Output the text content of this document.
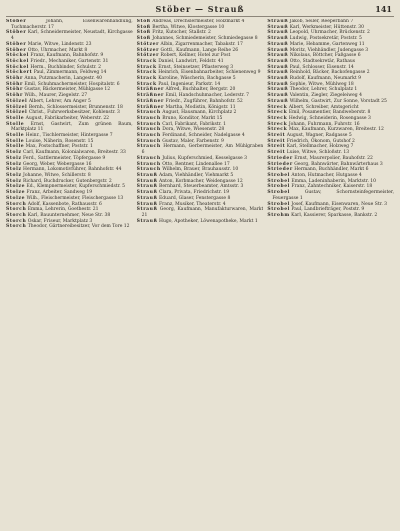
Stöber — Strauß	141

Stöber	Johann, Eisenwarenhandlung, Tuchmacherstr. 17

Stöber Karl, Schneidermeister, Neustadt, Kirchgasse 4

Stöber Marie, Witwe, Lindenstr. 23

Stöber Otto, Uhrmacher, Markt 8

Stöckel Franz, Kaufmann, Bahnhofstr. 9

Stöckel Friedr., Mechaniker, Gartenstr. 31

Stöckel Herm., Buchbinder, Schulstr. 2

Stöckert Paul, Zimmermann, Feldweg 14

Stöhr Anna, Putzmacherin, Langestr. 40

Stöhr Emil, Schuhmachermeister, Hospitalstr. 6

Stöhr Gustav, Bäckermeister, Mühlgasse 12

Stöhr Wilh., Maurer, Ziegelstr. 27

Stölzel Albert, Lehrer, Am Anger 5

Stölzel Bernh., Schlossermeister, Brunnenstr. 18

Stölzel Christ., Fuhrwerksbesitzer, Kohlenstr. 3

Stolle August, Fabrikarbeiter, Weberstr. 22

Stolle Ernst, Gastwirt, Zum grünen Baum, Marktplatz 11

Stolle Heinr., Tischlermeister, Hintergasse 7

Stolle Louise, Näherin, Rosenstr. 15

Stolle Max, Postschaffner, Poststr. 1

Stolz Carl, Kaufmann, Kolonialwaren, Breitestr. 33

Stolz Ferd., Sattlermeister, Töpfergasse 9

Stolz Georg, Weber, Webergasse 16

Stolz Hermann, Lokomotivführer, Bahnhofstr. 44

Stolz Johanne, Witwe, Schillerstr. 8

Stolz Richard, Buchdrucker, Gutenbergstr. 2

Stolze Ed., Klempnermeister, Kupferschmiedstr. 5

Stolze Franz, Arbeiter, Sandweg 19

Stolze Wilh., Fleischermeister, Fleischergasse 13

Storch Adolf, Kassenbote, Rathausstr. 6

Storch Emma, Lehrerin, Goethestr. 21

Storch Karl, Bauunternehmer, Neue Str. 38

Storch Oskar, Friseur, Marktplatz 3

Storch Theodor, Gärtnereibesitzer, Vor dem Tore 12

Stoß Andreas, Drechslermeister, Holzmarkt 4

Stoß Bertha, Witwe, Klostergasse 10

Stoß Fritz, Kutscher, Stallstr. 2

Stoß Johannes, Schmiedemeister, Schmiedegasse 8

Stötzer Albin, Zigarrenmacher, Tabakstr. 17

Stötzer Gottl., Kaufmann, Lange Reihe 26

Stötzer Robert, Kellner, Hotel zur Post

Strack Daniel, Landwirt, Feldstr. 41

Strack Ernst, Steinsetzer, Pflasterweg 3

Strack Heinrich, Eisenbahnarbeiter, Schienenweg 9

Strack Karoline, Wäscherin, Bachgasse 5

Strack Paul, Ingenieur, Parkstr. 14

Sträßner Alfred, Buchhalter, Bergstr. 20

Sträßner Emil, Handschuhmacher, Lederstr. 7

Sträßner Friedr., Zugführer, Bahnhofstr. 52

Sträßner Martha, Modistin, Königstr. 11

Strauch August, Hausmann, Kirchplatz 2

Strauch Bruno, Konditor, Markt 15

Strauch Carl, Fabrikant, Fabrikstr. 1

Strauch Dora, Witwe, Wiesenstr. 28

Strauch Ferdinand, Schneider, Nadelgasse 4

Strauch Gustav, Maler, Farbenstr. 9

Strauch Hermann, Gerbermeister, Am Mühlgraben 6

Strauch Julius, Kupferschmied, Kesselgasse 3

Strauch Otto, Rentner, Lindenallee 17

Strauch Wilhelm, Brauer, Brauhausstr. 10

Strauß Adam, Viehhändler, Viehmarkt 5

Strauß Anton, Korbmacher, Weidengasse 12

Strauß Bernhard, Steuerbeamter, Amtsstr. 3

Strauß Clara, Privata, Friedrichstr. 19

Strauß Eduard, Glaser, Fenstergasse 8

Strauß Franz, Musiker, Theaterstr. 4

Strauß Georg, Kaufmann, Manufakturwaren, Markt 21

Strauß Hugo, Apotheker, Löwenapotheke, Markt 1

Strauß Jakob, Seiler, Reeperbahn 7

Strauß Karl, Werkmeister, Hüttenstr. 30

Strauß Leopold, Uhrmacher, Brückenstr. 2

Strauß Ludwig, Postsekretär, Poststr. 5

Strauß Marie, Hebamme, Gartenweg 11

Strauß Moritz, Viehhändler, Judengasse 3

Strauß Nikolaus, Böttcher, Faßgasse 6

Strauß Otto, Stadtsekretär, Rathaus

Strauß Paul, Schlosser, Eisenstr. 14

Strauß Reinhold, Bäcker, Backofengasse 2

Strauß Rudolf, Kaufmann, Neumarkt 9

Strauß Sophie, Witwe, Mühlweg 18

Strauß Theodor, Lehrer, Schulplatz 1

Strauß Valentin, Ziegler, Ziegeleiweg 4

Strauß Wilhelm, Gastwirt, Zur Sonne, Vorstadt 25

Streck Albert, Schreiber, Amtsgericht

Streck Emil, Posamentier, Bandweberstr. 8

Streck Hedwig, Schneiderin, Rosengasse 3

Streck Johann, Fuhrmann, Fuhrstr. 16

Streck Max, Kaufmann, Kurzwaren, Breitestr. 12

Streit August, Wagner, Radgasse 5

Streit Friedrich, Ökonom, Gutshof 2

Streit Karl, Stellmacher, Holzweg 7

Streit Luise, Witwe, Schloßstr. 13

Strieder Ernst, Maurerpolier, Bauhofstr. 22

Strieder Georg, Bahnwärter, Bahnwärterhaus 3

Strieder Hermann, Buchhändler, Markt 6

Strobel Anton, Hutmacher, Hutgasse 4

Strobel Emma, Ladeninhaberin, Marktstr. 10

Strobel Franz, Zahntechniker, Kaiserstr. 18

Strobel	Gustav, Schornsteinfegermeister, Feuergasse 1

Strobel Josef, Kaufmann, Eisenwaren, Neue Str. 3

Strobel Paul, Landbriefträger, Poststr. 9

Strohm Karl, Kassierer, Sparkasse, Bankstr. 2
